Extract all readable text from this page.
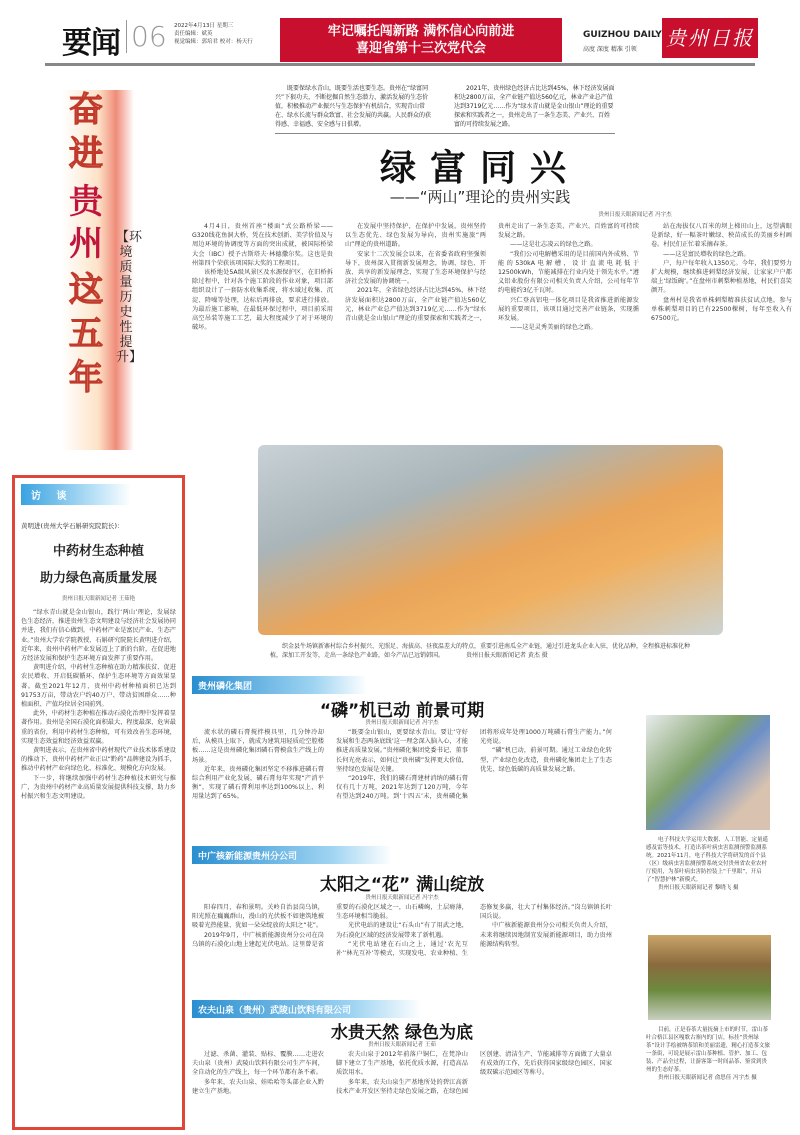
要闻 06 2022年4月13日 星期三
责任编辑：斌英
视觉编辑：郭培君 校对：杨天行
牢记嘱托闯新路 满怀信心向前进
喜迎省第十三次党代会
GUIZHOU DAILY
高度 深度 精准 引领 贵州日报
奋
进
贵
州
这
五
年
【环境质量历史性提升】

既要保绿水青山，既要生活也要生态。贵州在“绿富同兴”下狠功夫，不断挖掘自然生态潜力，激活发展的生态价值，积极推动产业振兴与生态保护有机结合，实现青山常在、绿水长流与群众致富、社会发展的共赢。人民群众的获得感、幸福感、安全感与日俱增。

2021年，贵州绿色经济占比达到45%，林下经济发展面积达2800万亩，全产业链产值达560亿元，林业产业总产值达到3719亿元……作为“绿水青山就是金山银山”理论的重要探索和实践者之一，贵州走出了一条生态美、产业兴、百姓富的可持续发展之路。

绿富同兴
——“两山”理论的贵州实践
贵州日报天眼新闻记者 冯宇杰

4月4日，贵州首座“楼面”式公路桥梁——G320线花鱼洞大桥，凭在技术创新、美学价值及与周边环境的协调度等方面的突出成就，被国际桥梁大会（IBC）授予古斯塔夫·林德撒尔奖。这也是贵州第四个荣获该项国际大奖的工程项目。

该桥地处5A级风景区及水源保护区，在旧桥拆除过程中，针对各个施工阶段的作业对象，项目部组织设计了一套防水收集系统，将水域过收集、沉淀、降噪等处理，达标后再排放，要求进行排放。为最后施工影响，在最低环保过程中，项目前采用高空吊装等施工工艺，最大程度减少了对于环境的破坏。

在发展中坚持保护，在保护中发展，贵州坚持以生态优先、绿色发展为导向，贵州实施旅“两山”理论的贵州道路。

安家十二次发展会以来，在省委省政府坚强领导下，贵州深入贯彻新发展理念，协调、绿色、开放、共享的新发展理念，实现了生态环境保护与经济社会发展的协调统一。

2021年，全省绿色经济占比达到45%，林下经济发展面积达2800万亩，全产业链产值达560亿元，林业产业总产值达到3719亿元……作为“绿水青山就是金山银山”理论的重要探索和实践者之一，贵州走出了一条生态美、产业兴、百姓富的可持续发展之路。

——这是壮志凌云的绿色之路。

“我们公司电解槽采用的是目前国内外成熟、节能的530kA电解槽，设计直流电耗低于12500kWh，节能减排在行业内处于领先水平。”遵义铝业股份有限公司相关负责人介绍，公司每年节约电能约3亿千瓦时。

兴仁登高铝电一体化项目是我省推进新能源发展的重要项目，该项目通过完善产业链条，实现循环发展。

——这是灵秀美丽的绿色之路。

站在海拔仅八百米的坝上梯田山上，远望满眼是新绿，好一幅茶叶嫩绿、秧苗成长的美丽乡村画卷。村民们正忙着采摘春茶。

——这是富民增收的绿色之路。

户，每户每年收入1350元。今年，我们要努力扩大规模，继续推进刺梨经济发展，让家家户户都端上‘绿饭碗’。”在盘州市刺梨种植基地，村民们喜笑颜开。

盘州村是我省单株刺梨精准扶贫试点地。参与单株刺梨项目的已有22500棵树，每年至收入有67500元。

织金县牛场镇新寨村综合乡村振兴、光照足、海拔高、昼夜温差大的特点，重要引进南瓜全产业链，通过引进龙头企业入驻，优化品种，全程推进标准化种植，深加工开发等，走出一条绿色产业路，如今产品已远销韩国。	贵州日报天眼新闻记者 黄杰 摄
访 谈
黄明进(贵州大学石斛研究院院长)：
中药材生态种植
助力绿色高质量发展
贵州日报天眼新闻记者 王茹艳

“绿水青山就是金山银山，践行‘两山’理论，发展绿色生态经济，推进贵州生态文明建设与经济社会发展协同并进，我们有信心做到。中药材产业是富民产业、生态产业。”贵州大学农学院教授、石斛研究院院长黄明进介绍，近年来，贵州中药材产业发展迈上了新的台阶，在促进地方经济发展和保护生态环境方面发挥了重要作用。

黄明进介绍，中药材生态种植在助力精准扶贫、促进农民增收、开启低碳循环、保护生态环境等方面效果显著。截至2021年12月，贵州中药材种植面积已达到91753万亩，带动农户约40万户、带动贫困群众……种植面积、产值均位居全国前列。

此外，中药材生态种植在推动石漠化治理中发挥着显著作用。贵州是全国石漠化面积最大、程度最深、危害最重的省份，利用中药材生态种植，可有效改善生态环境，实现生态效益和经济效益双赢。

黄明进表示，在贵州省中药材现代产业技术体系建设的推动下，贵州中药材产业正以“黔药”品牌建设为抓手，推动中药材产业向绿色化、标准化、规模化方向发展。

下一步，将继续加强中药材生态种植技术研究与推广，为贵州中药材产业高质量发展提供科技支撑，助力乡村振兴和生态文明建设。

贵州磷化集团
“磷”机已动 前景可期
贵州日报天眼新闻记者 冯宇杰

流水状的磷石膏搅拌模具里，几分钟冷却后，从模具上取下，就成为建筑用轻质砼空腔楼板……这是贵州磷化集团磷石膏模盒生产线上的场景。

近年来，贵州磷化集团坚定不移推进磷石膏综合利用产业化发展，磷石膏每年实现“产消平衡”，实现了磷石膏利用率达到100%以上，利用量达到了65%。

“既要金山银山，更要绿水青山。要让‘守好发展和生态两条底线’这一理念深入脑入心，才能推进高质量发展。”贵州磷化集团党委书记、董事长何光亮表示，如何让“贵州磷”发挥更大价值，坚持绿色发展是关键。

“2019年，我们的磷石膏建材消纳的磷石膏仅有几十万吨，2021年达到了120万吨，今年有望达到240万吨。到‘十四五’末，贵州磷化集团将形成年处理1000万吨磷石膏生产能力。”何光亮说。

“磷”机已动，前景可期。通过工业绿色化转型，产业绿色化改造，贵州磷化集团走上了生态优先、绿色低碳的高质量发展之路。

中广核新能源贵州分公司
太阳之“花” 满山绽放
贵州日报天眼新闻记者 冯宇杰

阳春四月，春和景明。关岭自治县岗乌镇，阳光照在巍巍群山，漫山的光伏板不如建筑地被吸着光热能量，犹如一朵朵绽放的太阳之“花”。

2019年9月，中广核新能源贵州分公司在岗乌镇的石漠化山地上建起光伏电站。这里曾是省重要的石漠化区域之一，山石嶙峋，土层瘠薄，生态环境相当脆弱。

光伏电站的建设让“石头山”有了用武之地，为石漠化区域的经济发展带来了新机遇。

“光伏电站建在石山之上，通过‘农光互补’‘林光互补’等模式，实现发电、农业种植、生态修复多赢，壮大了村集体经济。”岗乌镇镇长叶国兵说。

中广核新能源贵州分公司相关负责人介绍，未来将继续因地制宜发展新能源项目，助力贵州能源结构转型。

农夫山泉（贵州）武陵山饮料有限公司
水贵天然 绿色为底
贵州日报天眼新闻记者 王茹

过滤、杀菌、灌装、贴标、覆膜……走进农夫山泉（贵州）武陵山饮料有限公司生产车间，全自动化的生产线上，每一个环节都有条不紊。

多年来，农夫山泉、娃哈哈等头部企业入黔建立生产基地。

农夫山泉于2012年前落户铜仁，在梵净山脚下建立了生产基地，依托优质水源，打造高品质饮用水。

多年来，农夫山泉生产基地所处的碧江高新技术产业开发区坚持走绿色发展之路，在绿色园区创建、清洁生产、节能减排等方面做了大量卓有成效的工作，先后获得国家级绿色园区、国家级双碳示范园区等称号。

电子科技大学运用大数据、人工智能、定量遥感及雷等技术，打造出茶叶病虫害监测预警监测系统。2021年11月，电子科技大学将研发的首个县（区）级病虫害监测预警系统交付贵州省农业农村厅使用，为茶叶病虫害防控装上“千里眼”，开启了“智慧护林”新模式。
贵州日报天眼新闻记者 黎晓飞 摄
目前，正是春茶大量抚摘上市的时节，雷山茶叶合格江县区嘎歌古寨内的门店，标挂“贵州绿茶”设计手绘被纳茶馆和美丽雷遗，精心打造茶文旅一条街，可说是展示雷山茶种植、管护、加工、包装、产品全过程，让游客第一时间品茶、鉴赏到贵州的生态好茶。
贵州日报天眼新闻记者 俞思佳 冯宇杰 摄
